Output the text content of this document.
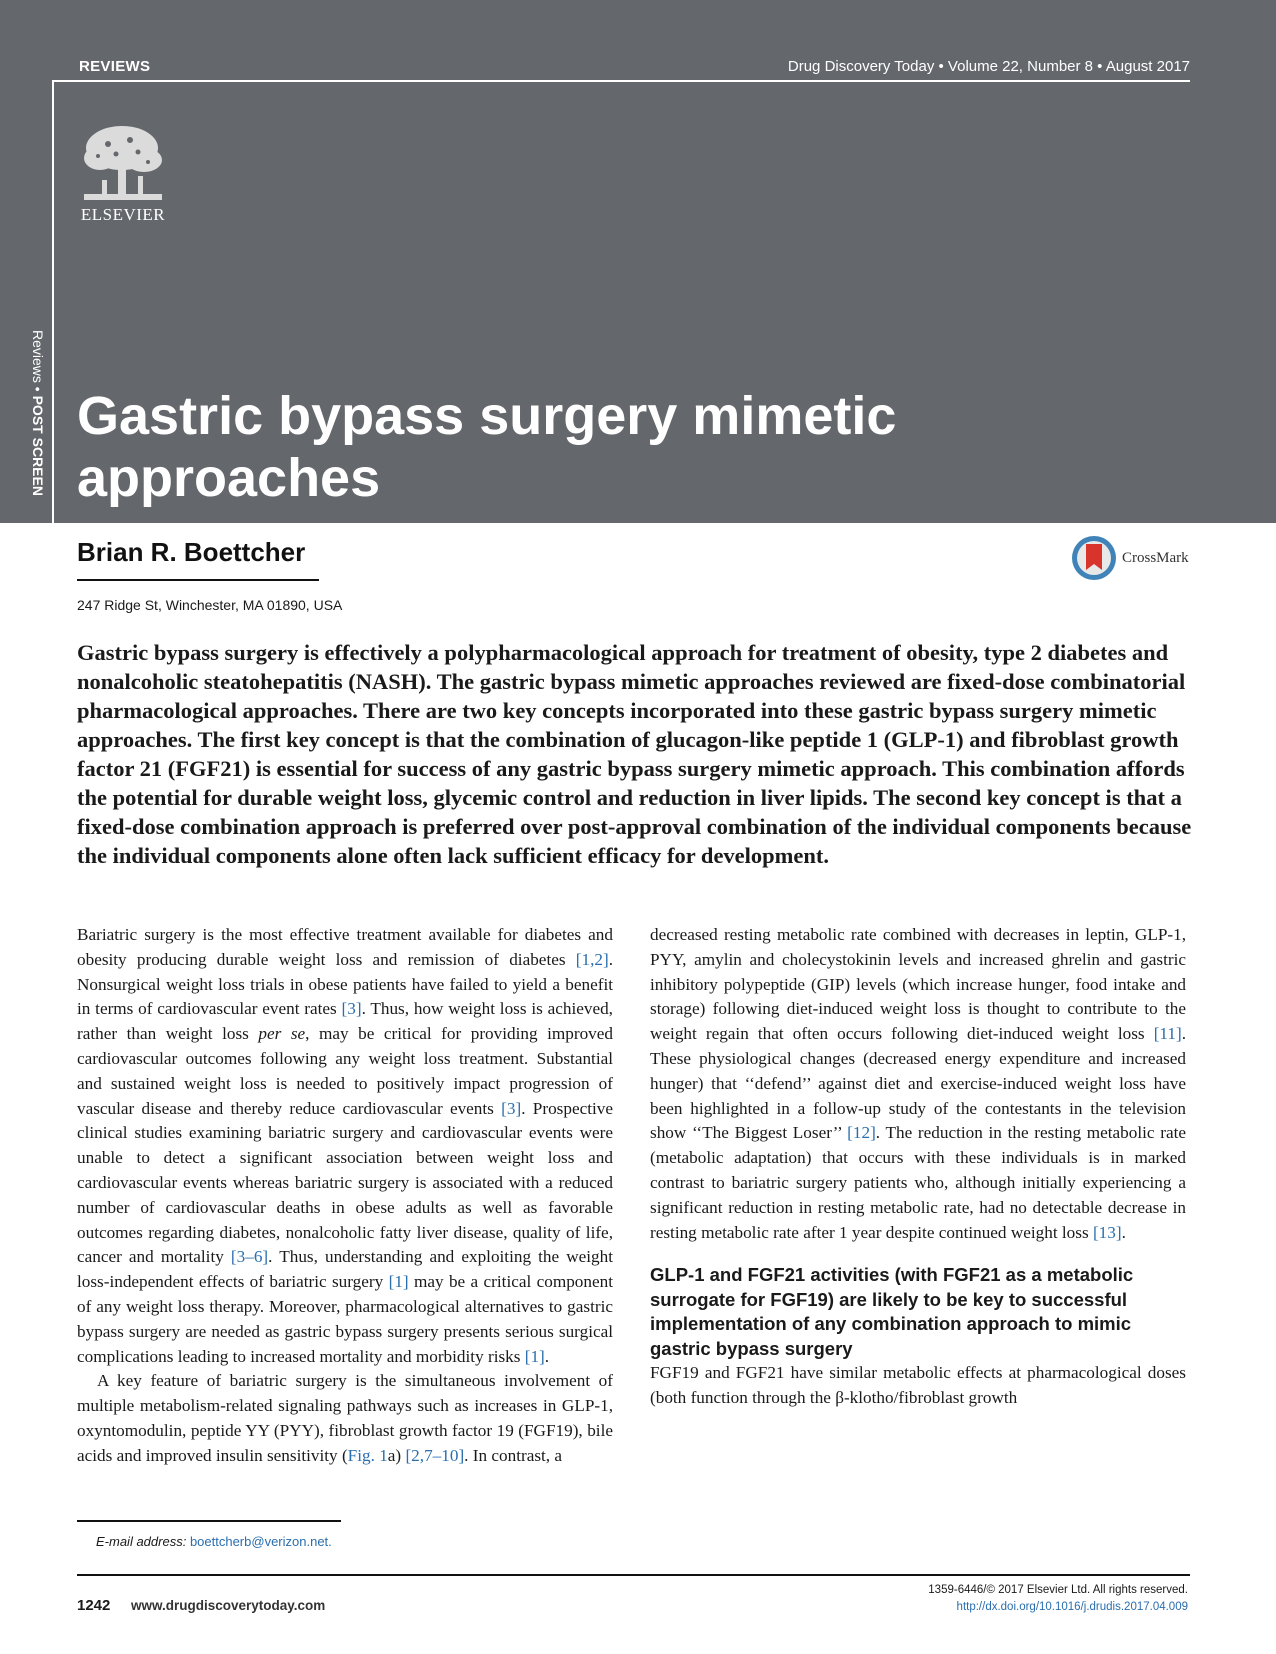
REVIEWS	Drug Discovery Today • Volume 22, Number 8 • August 2017
ELSEVIER
Reviews • POST SCREEN Gastric bypass surgery mimetic approaches
Brian R. Boettcher
247 Ridge St, Winchester, MA 01890, USA
CrossMark
Gastric bypass surgery is effectively a polypharmacological approach for treatment of obesity, type 2 diabetes and nonalcoholic steatohepatitis (NASH). The gastric bypass mimetic approaches reviewed are fixed-dose combinatorial pharmacological approaches. There are two key concepts incorporated into these gastric bypass surgery mimetic approaches. The first key concept is that the combination of glucagon-like peptide 1 (GLP-1) and fibroblast growth factor 21 (FGF21) is essential for success of any gastric bypass surgery mimetic approach. This combination affords the potential for durable weight loss, glycemic control and reduction in liver lipids. The second key concept is that a fixed-dose combination approach is preferred over post-approval combination of the individual components because the individual components alone often lack sufficient efficacy for development.

Bariatric surgery is the most effective treatment available for diabetes and obesity producing durable weight loss and remission of diabetes [1,2]. Nonsurgical weight loss trials in obese patients have failed to yield a benefit in terms of cardiovascular event rates [3]. Thus, how weight loss is achieved, rather than weight loss per se, may be critical for providing improved cardiovascular outcomes following any weight loss treatment. Substantial and sustained weight loss is needed to positively impact progression of vascular disease and thereby reduce cardiovascular events [3]. Prospective clinical studies examining bariatric surgery and cardiovascular events were unable to detect a significant association between weight loss and cardiovascular events whereas bariatric surgery is associated with a reduced number of cardiovascular deaths in obese adults as well as favorable outcomes regarding diabetes, nonalcoholic fatty liver disease, quality of life, cancer and mortality [3–6]. Thus, understanding and exploiting the weight loss-independent effects of bariatric surgery [1] may be a critical component of any weight loss therapy. Moreover, pharmacological alternatives to gastric bypass surgery are needed as gastric bypass surgery presents serious surgical complications leading to increased mortality and morbidity risks [1].

A key feature of bariatric surgery is the simultaneous involvement of multiple metabolism-related signaling pathways such as increases in GLP-1, oxyntomodulin, peptide YY (PYY), fibroblast growth factor 19 (FGF19), bile acids and improved insulin sensitivity (Fig. 1a) [2,7–10]. In contrast, a

decreased resting metabolic rate combined with decreases in leptin, GLP-1, PYY, amylin and cholecystokinin levels and increased ghrelin and gastric inhibitory polypeptide (GIP) levels (which increase hunger, food intake and storage) following diet-induced weight loss is thought to contribute to the weight regain that often occurs following diet-induced weight loss [11]. These physiological changes (decreased energy expenditure and increased hunger) that ‘‘defend’’ against diet and exercise-induced weight loss have been highlighted in a follow-up study of the contestants in the television show ‘‘The Biggest Loser’’ [12]. The reduction in the resting metabolic rate (metabolic adaptation) that occurs with these individuals is in marked contrast to bariatric surgery patients who, although initially experiencing a significant reduction in resting metabolic rate, had no detectable decrease in resting metabolic rate after 1 year despite continued weight loss [13].

GLP-1 and FGF21 activities (with FGF21 as a metabolic surrogate for FGF19) are likely to be key to successful implementation of any combination approach to mimic gastric bypass surgery

FGF19 and FGF21 have similar metabolic effects at pharmacological doses (both function through the β-klotho/fibroblast growth

E-mail address: boettcherb@verizon.net.
1242 www.drugdiscoverytoday.com
1359-6446/© 2017 Elsevier Ltd. All rights reserved.
http://dx.doi.org/10.1016/j.drudis.2017.04.009
